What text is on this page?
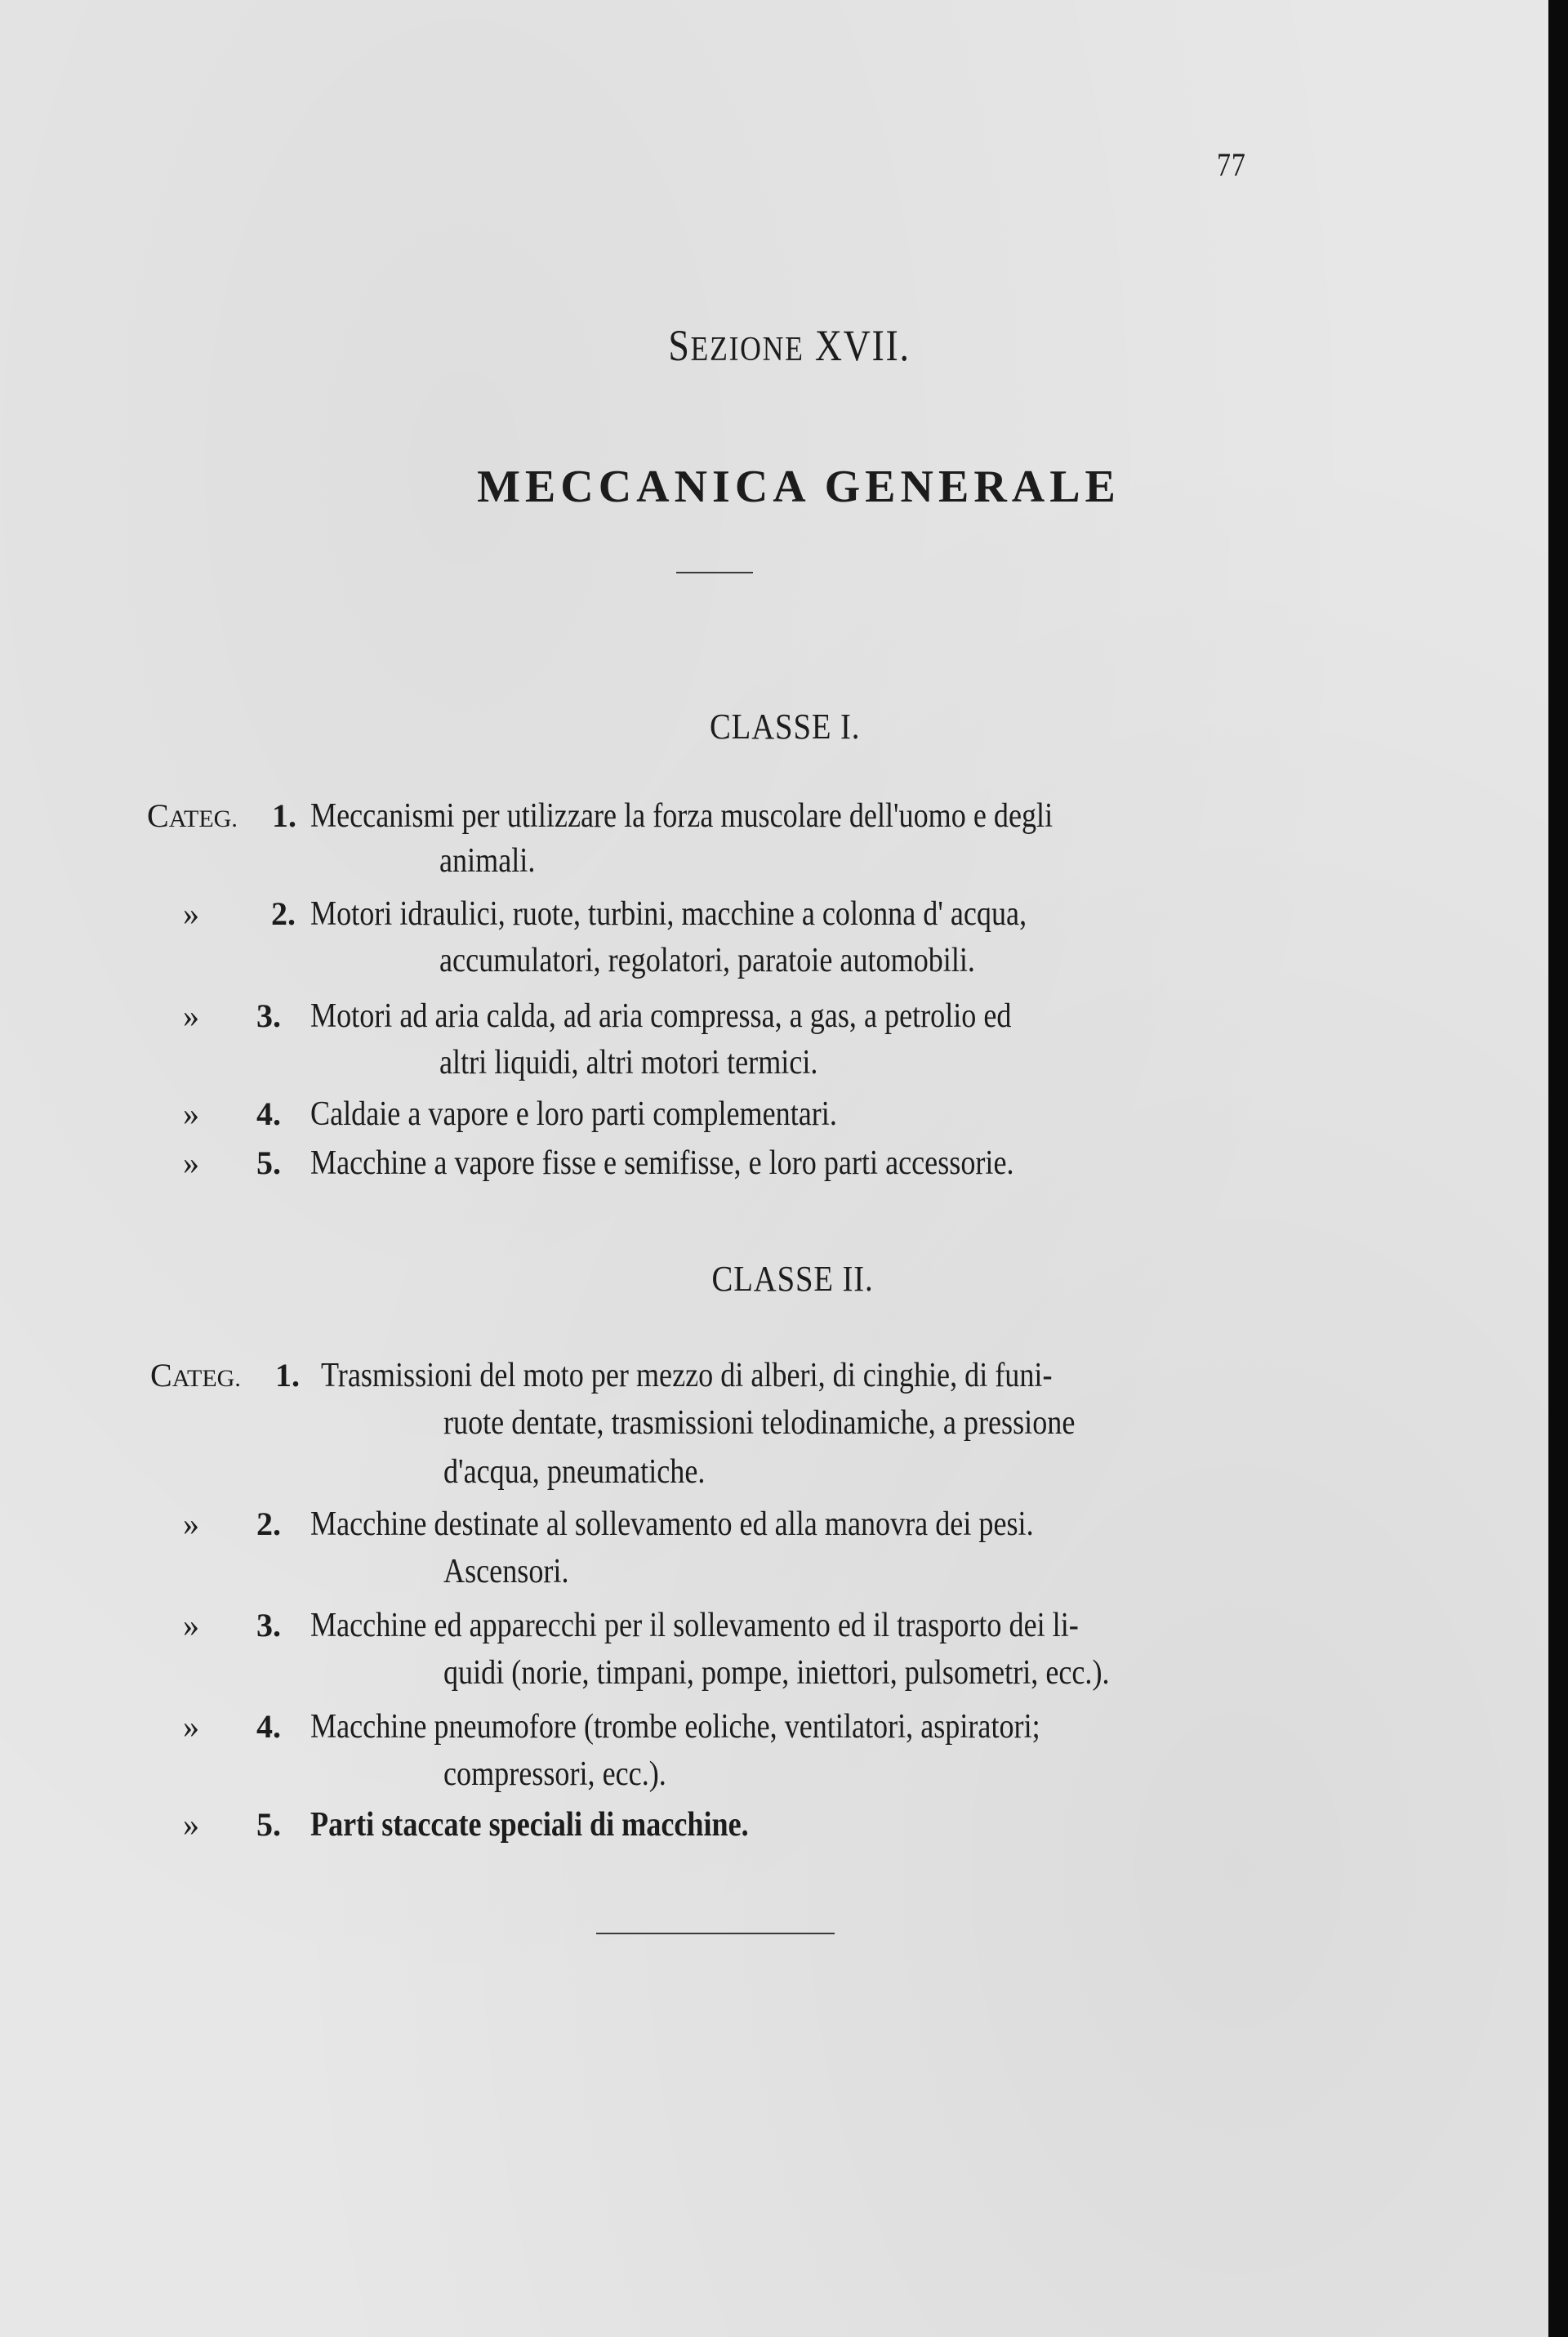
77
SEZIONE XVII.
MECCANICA GENERALE
CLASSE I.
CATEG. 1. Meccanismi per utilizzare la forza muscolare dell'uomo e degli
animali.
» 2. Motori idraulici, ruote, turbini, macchine a colonna d' acqua,
accumulatori, regolatori, paratoie automobili.
» 3. Motori ad aria calda, ad aria compressa, a gas, a petrolio ed
altri liquidi, altri motori termici.
» 4. Caldaie a vapore e loro parti complementari.
» 5. Macchine a vapore fisse e semifisse, e loro parti accessorie.
CLASSE II.
CATEG. 1. Trasmissioni del moto per mezzo di alberi, di cinghie, di funi-
ruote dentate, trasmissioni telodinamiche, a pressione
d'acqua, pneumatiche.
» 2. Macchine destinate al sollevamento ed alla manovra dei pesi.
Ascensori.
» 3. Macchine ed apparecchi per il sollevamento ed il trasporto dei li-
quidi (norie, timpani, pompe, iniettori, pulsometri, ecc.).
» 4. Macchine pneumofore (trombe eoliche, ventilatori, aspiratori;
compressori, ecc.).
» 5. Parti staccate speciali di macchine.
